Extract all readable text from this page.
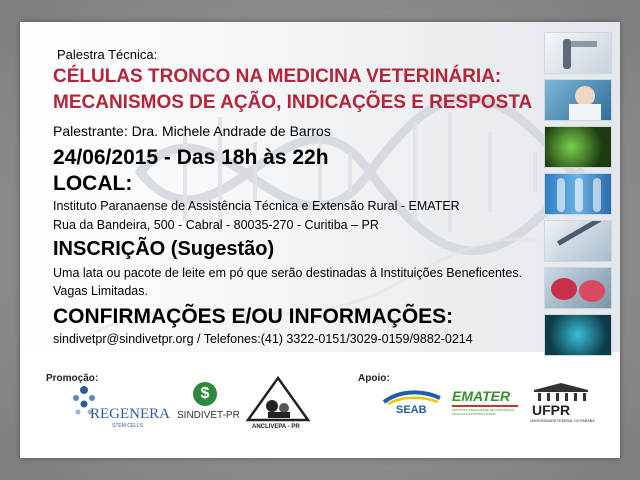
Palestra Técnica:
CÉLULAS TRONCO NA MEDICINA VETERINÁRIA:
MECANISMOS DE AÇÃO, INDICAÇÕES E RESPOSTA
Palestrante: Dra. Michele Andrade de Barros
24/06/2015 - Das 18h às 22h
LOCAL:
Instituto Paranaense de Assistência Técnica e Extensão Rural - EMATER
Rua da Bandeira, 500 - Cabral - 80035-270 - Curitiba – PR
INSCRIÇÃO (Sugestão)
Uma lata ou pacote de leite em pó que serão destinadas à Instituições Beneficentes. Vagas Limitadas.
CONFIRMAÇÕES E/OU INFORMAÇÕES:
sindivetpr@sindivetpr.org / Telefones:(41) 3322-0151/3029-0159/9882-0214
Promoção:	Apoio:
REGENERA
STEM CELLS
$
SINDIVET-PR
ANCLIVEPA - PR
SEAB
EMATER
INSTITUTO PARANAENSE DE ASSISTÊNCIA TÉCNICA E EXTENSÃO RURAL	UFPR
UNIVERSIDADE FEDERAL DO PARANÁ
